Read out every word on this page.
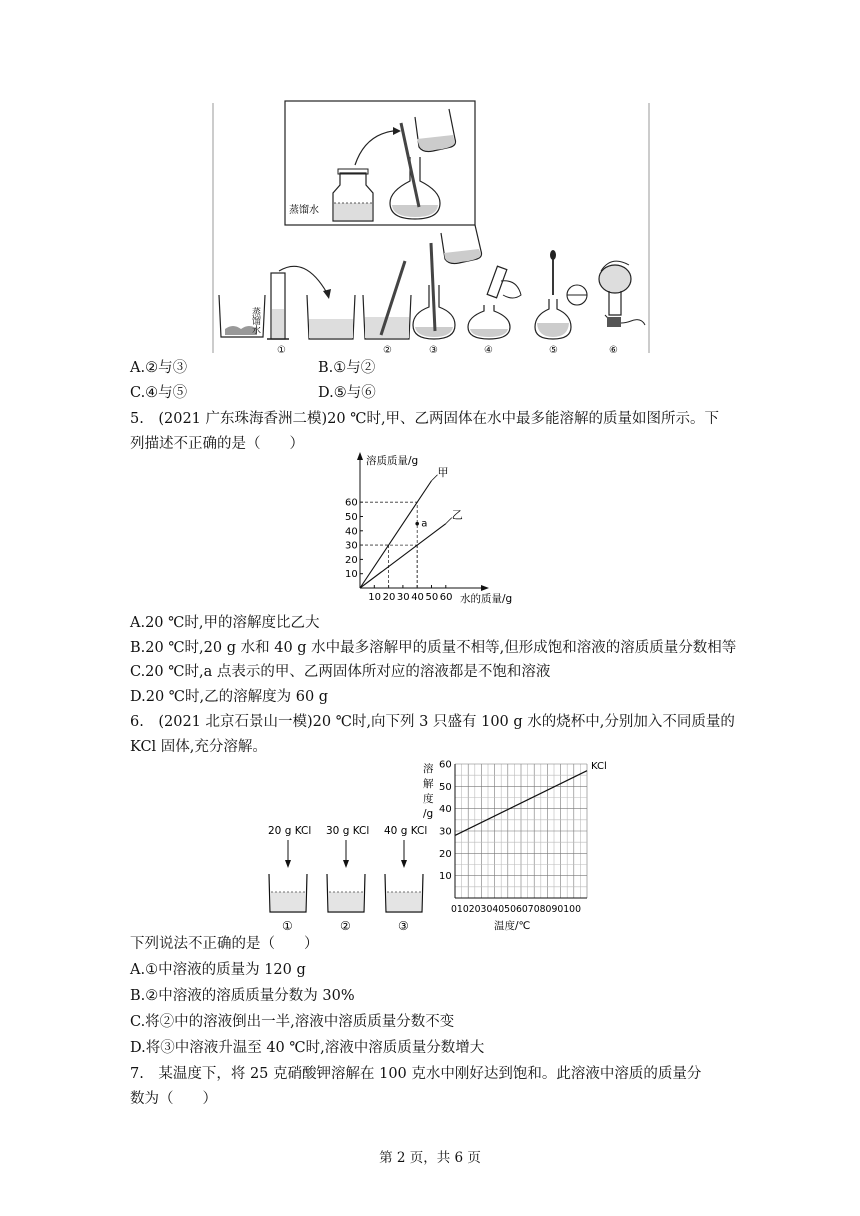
蒸馏水
蒸馏水
①	②	③	④	⑤	⑥
A.②与③	B.①与②
C.④与⑤	D.⑤与⑥
5.　(2021 广东珠海香洲二模)20 ℃时,甲、乙两固体在水中最多能溶解的质量如图所示。下
列描述不正确的是（　　）
溶质质量/g
水的质量/g
10 20 30 40 50 60
10
20
30
40
50
60
甲
乙
a
A.20 ℃时,甲的溶解度比乙大
B.20 ℃时,20 g 水和 40 g 水中最多溶解甲的质量不相等,但形成饱和溶液的溶质质量分数相等
C.20 ℃时,a 点表示的甲、乙两固体所对应的溶液都是不饱和溶液
D.20 ℃时,乙的溶解度为 60 g
6.　(2021 北京石景山一模)20 ℃时,向下列 3 只盛有 100 g 水的烧杯中,分别加入不同质量的
KCl 固体,充分溶解。
20 g KCl
①
30 g KCl
②
40 g KCl
③
溶
解
度
/g
10
20
30
40
50
60	KCl
0102030405060708090100
温度/℃
下列说法不正确的是（　　）
A.①中溶液的质量为 120 g
B.②中溶液的溶质质量分数为 30%
C.将②中的溶液倒出一半,溶液中溶质质量分数不变
D.将③中溶液升温至 40 ℃时,溶液中溶质质量分数增大
7.　某温度下，将 25 克硝酸钾溶解在 100 克水中刚好达到饱和。此溶液中溶质的质量分
数为（　　）
第 2 页，共 6 页
